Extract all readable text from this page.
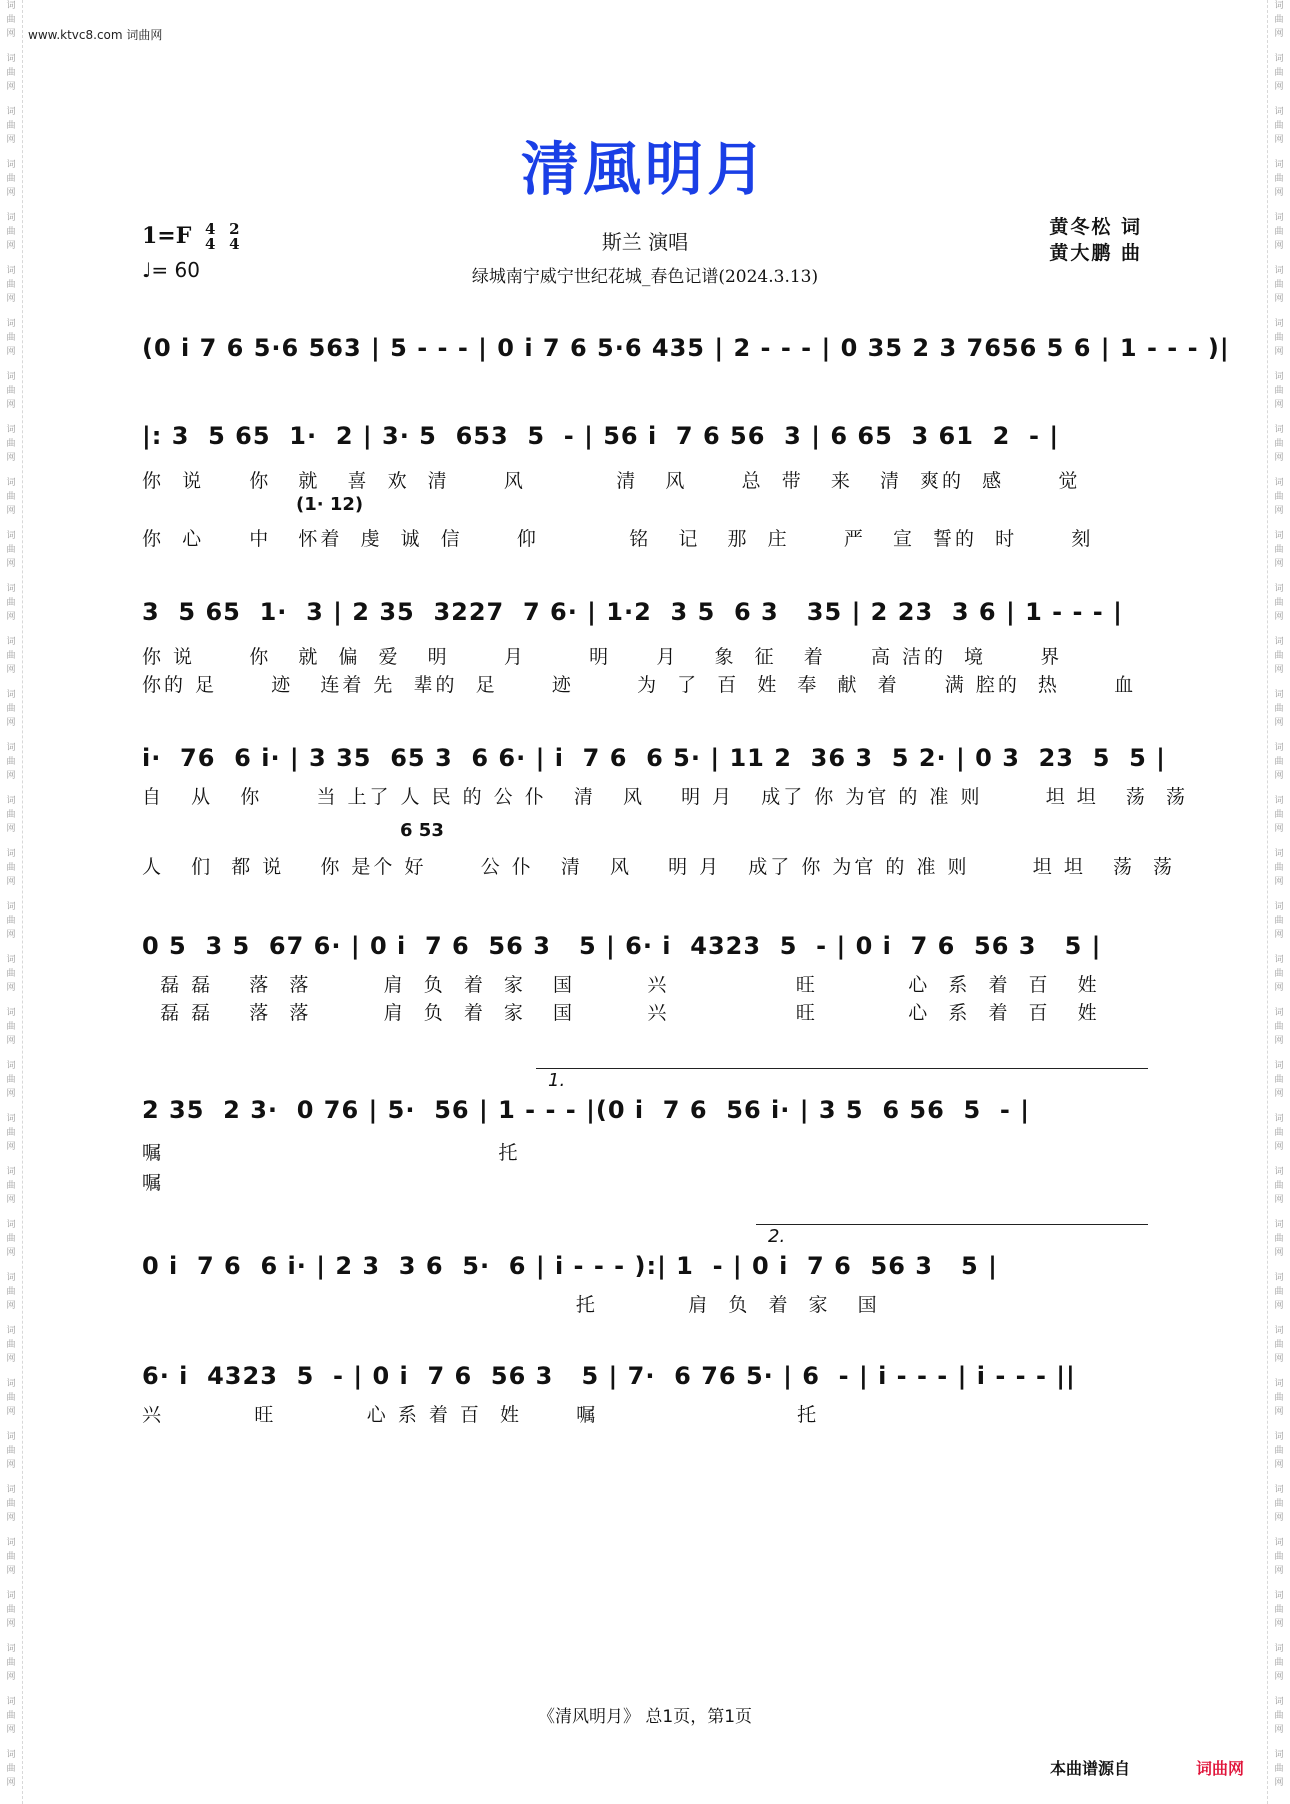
词
曲
网
词
曲
网
词
曲
网
词
曲
网
词
曲
网
词
曲
网
词
曲
网
词
曲
网
词
曲
网
词
曲
网
词
曲
网
词
曲
网
词
曲
网
词
曲
网
词
曲
网
词
曲
网
词
曲
网
词
曲
网
词
曲
网
词
曲
网
词
曲
网
词
曲
网
词
曲
网
词
曲
网
词
曲
网
词
曲
网
词
曲
网
词
曲
网
词
曲
网
词
曲
网
词
曲
网
词
曲
网
词
曲
网
词
曲
网
词
曲
网
词
曲
网
词
曲
网
词
曲
网
词
曲
网
词
曲
网
词
曲
网
词
曲
网
词
曲
网
词
曲
网
词
曲
网
词
曲
网
词
曲
网
词
曲
网
词
曲
网
词
曲
网
词
曲
网
词
曲
网
词
曲
网
词
曲
网
词
曲
网
词
曲
网
词
曲
网
词
曲
网
词
曲
网
词
曲
网
词
曲
网
词
曲
网
词
曲
网
词
曲
网
词
曲
网
词
曲
网
词
曲
网
词
曲
网
www.ktvc8.com 词曲网
清風明月
1=F 4
4

2
4
♩= 60
斯兰 演唱
绿城南宁威宁世纪花城_春色记谱(2024.3.13)
黄冬松 词
黄大鹏 曲
(0 i 7 6 5·6 563 | 5 - - - | 0 i 7 6 5·6 435 | 2 - - - | 0 35 2 3 7656 5 6 | 1 - - - )|
|: 3  5 65  1·  2 | 3· 5  653  5  - | 56 i  7 6 56  3 | 6 65  3 61  2  - |
你  说     你   就   喜  欢  清      风          清   风      总  带   来   清  爽的  感      觉
(1· 12)
你  心     中   怀着  虔  诚  信      仰          铭   记   那  庄      严   宣  誓的  时      刻
3  5 65  1·  3 | 2 35  3227  7 6· | 1·2  3 5  6 3   35 | 2 23  3 6 | 1 - - - |
你 说      你   就  偏  爱   明      月       明     月    象  征   着     高 洁的  境      界
你的 足      迹   连着 先  辈的  足      迹       为  了  百  姓  奉  献  着     满 腔的  热      血
i·  76  6 i· | 3 35  65 3  6 6· | i  7 6  6 5· | 11 2  36 3  5 2· | 0 3  23  5  5 |
自   从   你      当 上了 人 民 的 公 仆   清   风    明 月   成了 你 为官 的 准 则       坦 坦   荡  荡
6 53
人   们  都 说    你 是个 好      公 仆   清   风    明 月   成了 你 为官 的 准 则       坦 坦   荡  荡
0 5  3 5  67 6· | 0 i  7 6  56 3   5 | 6· i  4323  5  - | 0 i  7 6  56 3   5 |
磊 磊    落  落        肩  负  着  家   国        兴              旺          心  系  着  百   姓
磊 磊    落  落        肩  负  着  家   国        兴              旺          心  系  着  百   姓
1.
2 35  2 3·  0 76 | 5·  56 | 1 - - - |(0 i  7 6  56 i· | 3 5  6 56  5  - |
嘱                                     托
嘱
2.
0 i  7 6  6 i· | 2 3  3 6  5·  6 | i - - - ):| 1  - | 0 i  7 6  56 3   5 |
托          肩  负  着  家   国
6· i  4323  5  - | 0 i  7 6  56 3   5 | 7·  6 76 5· | 6  - | i - - - | i - - - ||
兴          旺          心 系 着 百  姓      嘱                      托
《清风明月》 总1页，第1页
本曲谱源自	词曲网
